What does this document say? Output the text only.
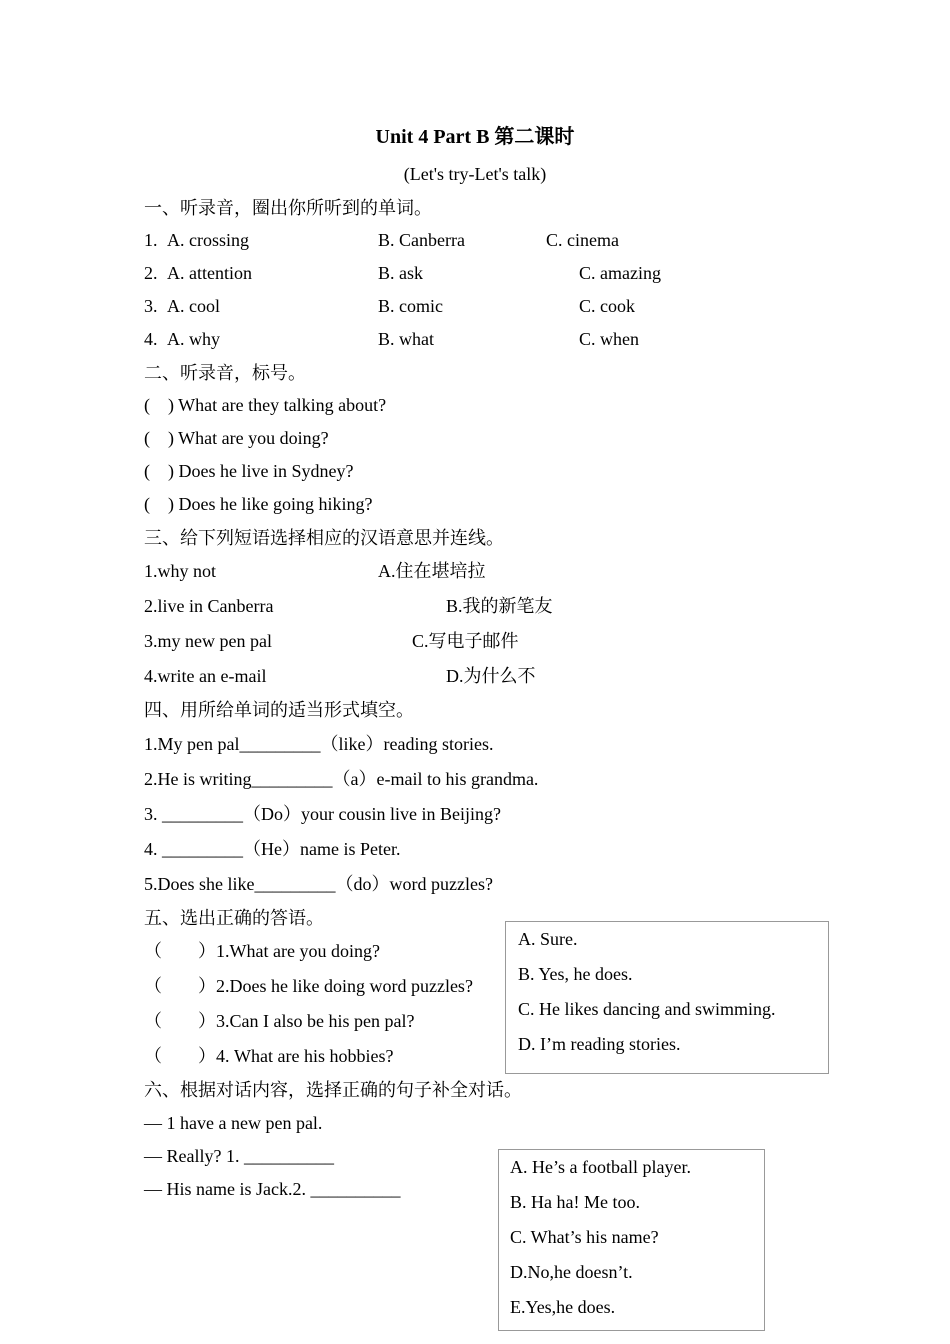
Unit 4 Part B 第二课时
(Let's try-Let's talk)
一、听录音，圈出你所听到的单词。
1. A. crossing	B. Canberra	C. cinema
2. A. attention	B. ask	C. amazing
3. A. cool	B. comic	C. cook
4. A. why	B. what	C. when
二、听录音，标号。
(    ) What are they talking about?
(    ) What are you doing?
(    ) Does he live in Sydney?
(    ) Does he like going hiking?
三、给下列短语选择相应的汉语意思并连线。
1.why not	A.住在堪培拉
2.live in Canberra	B.我的新笔友
3.my new pen pal	C.写电子邮件
4.write an e-mail	D.为什么不
四、用所给单词的适当形式填空。
1.My pen pal_________（like）reading stories.
2.He is writing_________（a）e-mail to his grandma.
3. _________（Do）your cousin live in Beijing?
4. _________（He）name is Peter.
5.Does she like_________（do）word puzzles?
五、选出正确的答语。
（        ）1.What are you doing?
（        ）2.Does he like doing word puzzles?
（        ）3.Can I also be his pen pal?
（        ）4. What are his hobbies?
A. Sure.
B. Yes, he does.
C. He likes dancing and swimming.
D. I’m reading stories.
六、根据对话内容，选择正确的句子补全对话。
— 1 have a new pen pal.
— Really? 1. __________
— His name is Jack.2. __________
A. He’s a football player.
B. Ha ha! Me too.
C. What’s his name?
D.No,he doesn’t.
E.Yes,he does.
